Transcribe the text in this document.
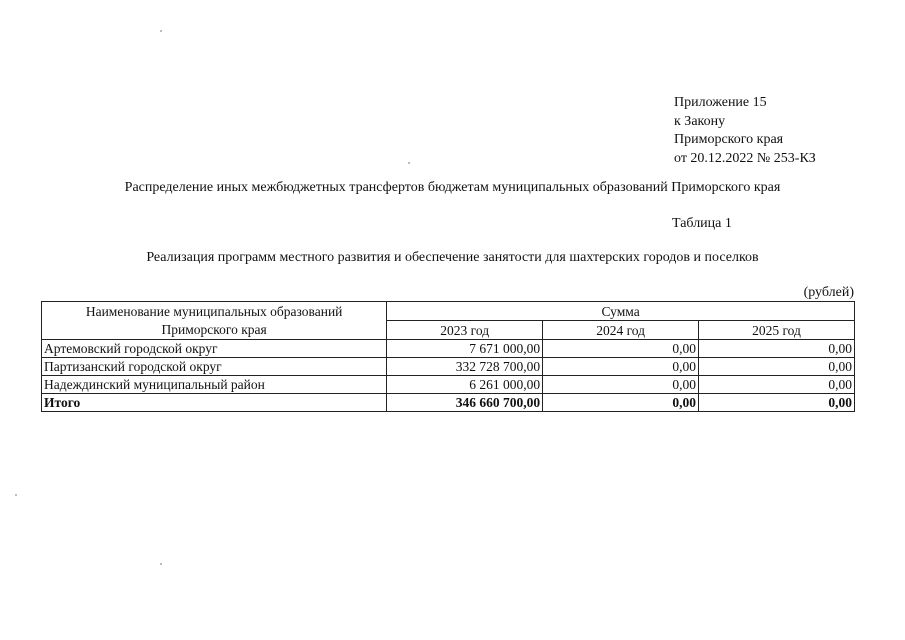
Приложение 15
к Закону
Приморского края
от 20.12.2022 № 253-КЗ
Распределение иных межбюджетных трансфертов бюджетам муниципальных образований Приморского края
Таблица 1
Реализация программ местного развития и обеспечение занятости для шахтерских городов и поселков
(рублей)
Наименование муниципальных образований
Приморского края	Сумма		
	2023 год	2024 год	2025 год
Артемовский городской округ	7 671 000,00	0,00	0,00
Партизанский городской округ	332 728 700,00	0,00	0,00
Надеждинский муниципальный район	6 261 000,00	0,00	0,00
Итого	346 660 700,00	0,00	0,00
